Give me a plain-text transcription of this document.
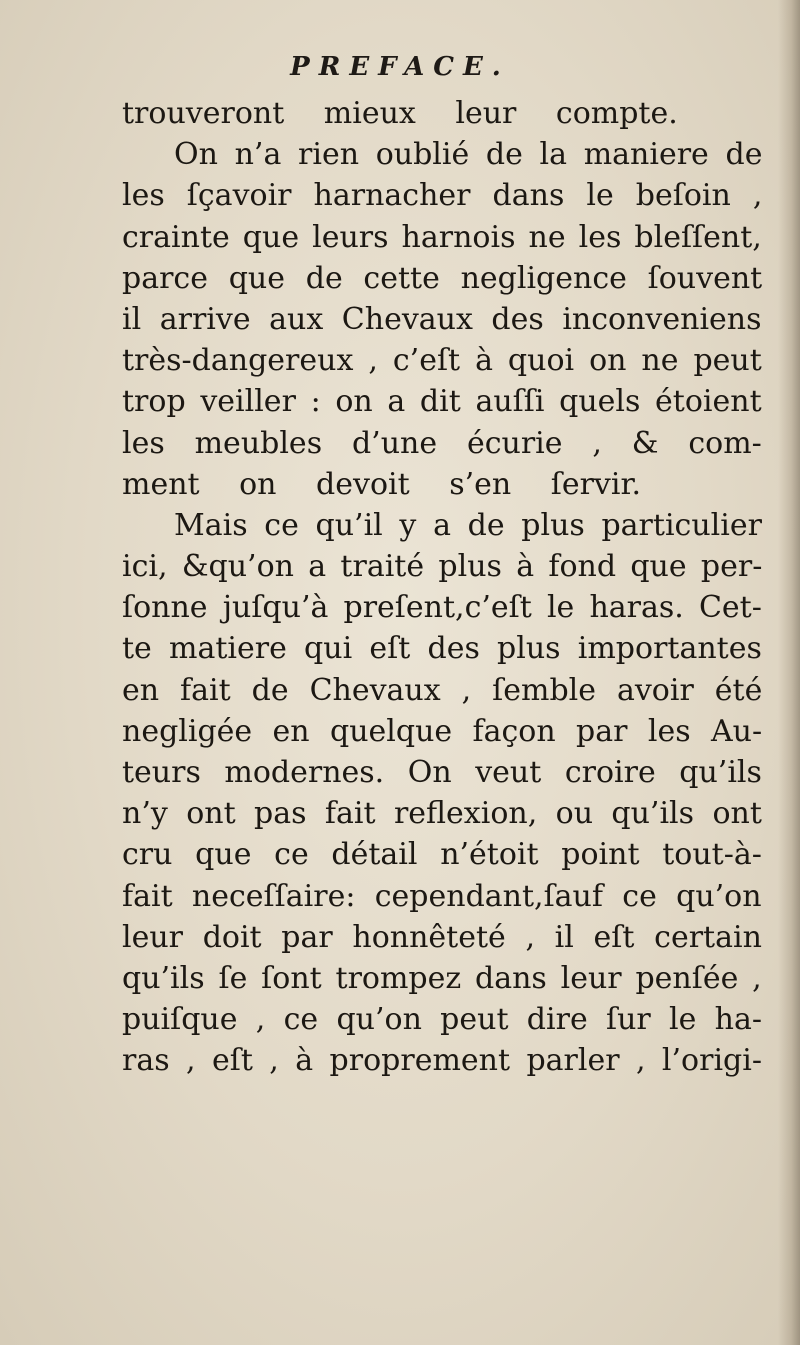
PREFACE.
trouveront mieux leur compte.
On n’a rien oublié de la maniere de
les ſçavoir harnacher dans le beſoin ,
crainte que leurs harnois ne les bleſſent,
parce que de cette negligence ſouvent
il arrive aux Chevaux des inconveniens
très-dangereux , c’eſt à quoi on ne peut
trop veiller : on a dit auſſi quels étoient
les meubles d’une écurie , & com-
ment on devoit s’en ſervir.
Mais ce qu’il y a de plus particulier
ici, &qu’on a traité plus à fond que per-
ſonne juſqu’à preſent,c’eſt le haras. Cet-
te matiere qui eſt des plus importantes
en fait de Chevaux , ſemble avoir été
negligée en quelque façon par les Au-
teurs modernes. On veut croire qu’ils
n’y ont pas fait reflexion, ou qu’ils ont
cru que ce détail n’étoit point tout-à-
fait neceſſaire: cependant,ſauf ce qu’on
leur doit par honnêteté , il eſt certain
qu’ils ſe ſont trompez dans leur penſée ,
puiſque , ce qu’on peut dire ſur le ha-
ras , eſt , à proprement parler , l’origi-
